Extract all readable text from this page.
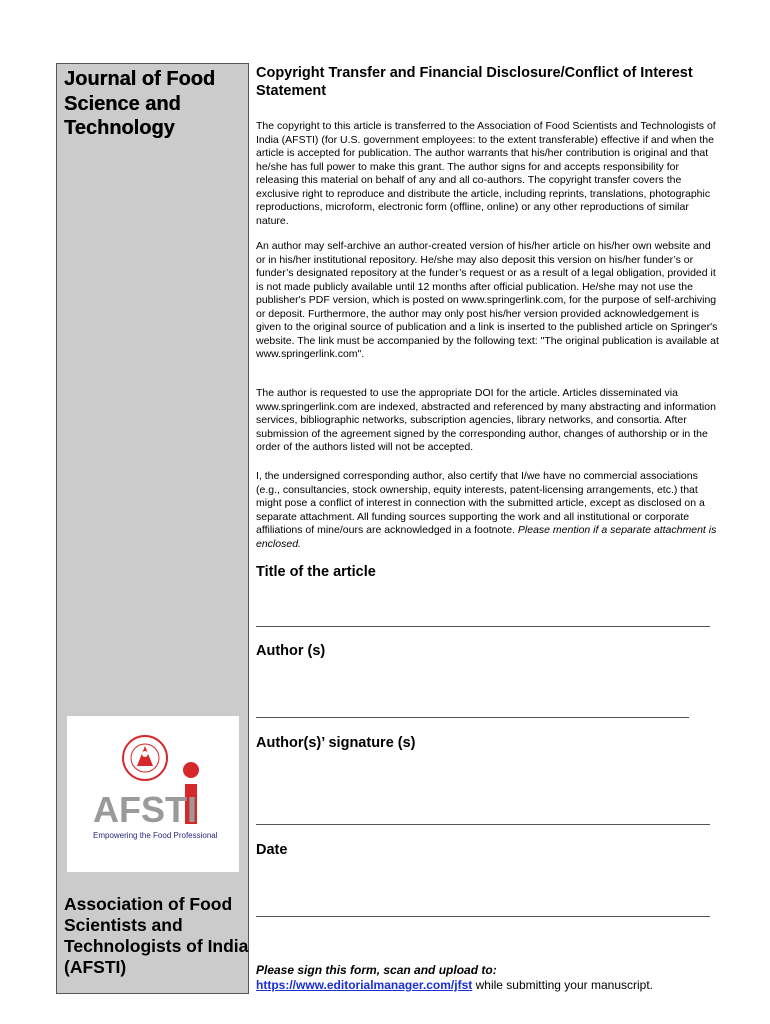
Journal of Food Science and Technology
AFSTI
Empowering the Food Professional
Association of Food Scientists and Technologists of India (AFSTI)
Copyright Transfer and Financial Disclosure/Conflict of Interest Statement

The copyright to this article is transferred to the Association of Food Scientists and Technologists of India (AFSTI) (for U.S. government employees: to the extent transferable) effective if and when the article is accepted for publication. The author warrants that his/her contribution is original and that he/she has full power to make this grant. The author signs for and accepts responsibility for releasing this material on behalf of any and all co-authors. The copyright transfer covers the exclusive right to reproduce and distribute the article, including reprints, translations, photographic reproductions, microform, electronic form (offline, online) or any other reproductions of similar nature.

An author may self-archive an author-created version of his/her article on his/her own website and or in his/her institutional repository. He/she may also deposit this version on his/her funder’s or funder’s designated repository at the funder’s request or as a result of a legal obligation, provided it is not made publicly available until 12 months after official publication. He/she may not use the publisher's PDF version, which is posted on www.springerlink.com, for the purpose of self-archiving or deposit. Furthermore, the author may only post his/her version provided acknowledgement is given to the original source of publication and a link is inserted to the published article on Springer's website. The link must be accompanied by the following text: "The original publication is available at www.springerlink.com".

The author is requested to use the appropriate DOI for the article. Articles disseminated via www.springerlink.com are indexed, abstracted and referenced by many abstracting and information services, bibliographic networks, subscription agencies, library networks, and consortia. After submission of the agreement signed by the corresponding author, changes of authorship or in the order of the authors listed will not be accepted.

I, the undersigned corresponding author, also certify that I/we have no commercial associations (e.g., consultancies, stock ownership, equity interests, patent-licensing arrangements, etc.) that might pose a conflict of interest in connection with the submitted article, except as disclosed on a separate attachment. All funding sources supporting the work and all institutional or corporate affiliations of mine/ours are acknowledged in a footnote. Please mention if a separate attachment is enclosed.

Title of the article
Author (s)
Author(s)’ signature (s)
Date

Please sign this form, scan and upload to:

https://www.editorialmanager.com/jfst while submitting your manuscript.
